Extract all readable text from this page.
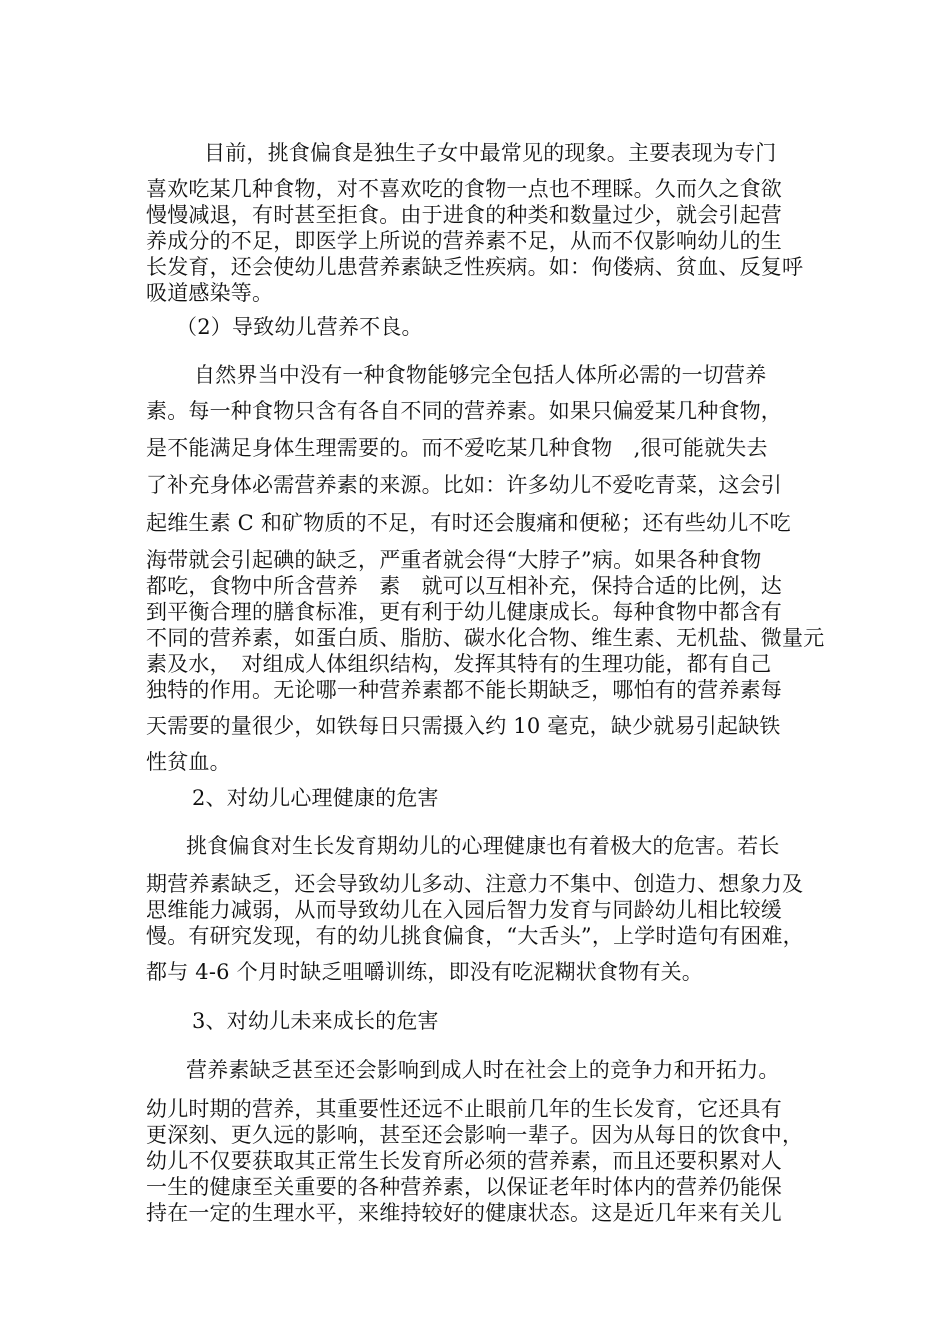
目前，挑食偏食是独生子女中最常见的现象。主要表现为专门
喜欢吃某几种食物，对不喜欢吃的食物一点也不理睬。久而久之食欲
慢慢减退，有时甚至拒食。由于进食的种类和数量过少，就会引起营
养成分的不足，即医学上所说的营养素不足，从而不仅影响幼儿的生
长发育，还会使幼儿患营养素缺乏性疾病。如：佝偻病、贫血、反复呼
吸道感染等。
（2）导致幼儿营养不良。
自然界当中没有一种食物能够完全包括人体所必需的一切营养
素。每一种食物只含有各自不同的营养素。如果只偏爱某几种食物，
是不能满足身体生理需要的。而不爱吃某几种食物　,很可能就失去
了补充身体必需营养素的来源。比如：许多幼儿不爱吃青菜，这会引
起维生素 C 和矿物质的不足，有时还会腹痛和便秘；还有些幼儿不吃
海带就会引起碘的缺乏，严重者就会得“大脖子”病。如果各种食物
都吃，食物中所含营养　素　就可以互相补充，保持合适的比例，达
到平衡合理的膳食标准，更有利于幼儿健康成长。每种食物中都含有
不同的营养素，如蛋白质、脂肪、碳水化合物、维生素、无机盐、微量元
素及水，　对组成人体组织结构，发挥其特有的生理功能，都有自己
独特的作用。无论哪一种营养素都不能长期缺乏，哪怕有的营养素每
天需要的量很少，如铁每日只需摄入约 10 毫克，缺少就易引起缺铁
性贫血。
2、对幼儿心理健康的危害
挑食偏食对生长发育期幼儿的心理健康也有着极大的危害。若长
期营养素缺乏，还会导致幼儿多动、注意力不集中、创造力、想象力及
思维能力减弱，从而导致幼儿在入园后智力发育与同龄幼儿相比较缓
慢。有研究发现，有的幼儿挑食偏食，“大舌头”，上学时造句有困难，
都与 4-6 个月时缺乏咀嚼训练，即没有吃泥糊状食物有关。
3、对幼儿未来成长的危害
营养素缺乏甚至还会影响到成人时在社会上的竞争力和开拓力。
幼儿时期的营养，其重要性还远不止眼前几年的生长发育，它还具有
更深刻、更久远的影响，甚至还会影响一辈子。因为从每日的饮食中，
幼儿不仅要获取其正常生长发育所必须的营养素，而且还要积累对人
一生的健康至关重要的各种营养素，以保证老年时体内的营养仍能保
持在一定的生理水平，来维持较好的健康状态。这是近几年来有关儿
